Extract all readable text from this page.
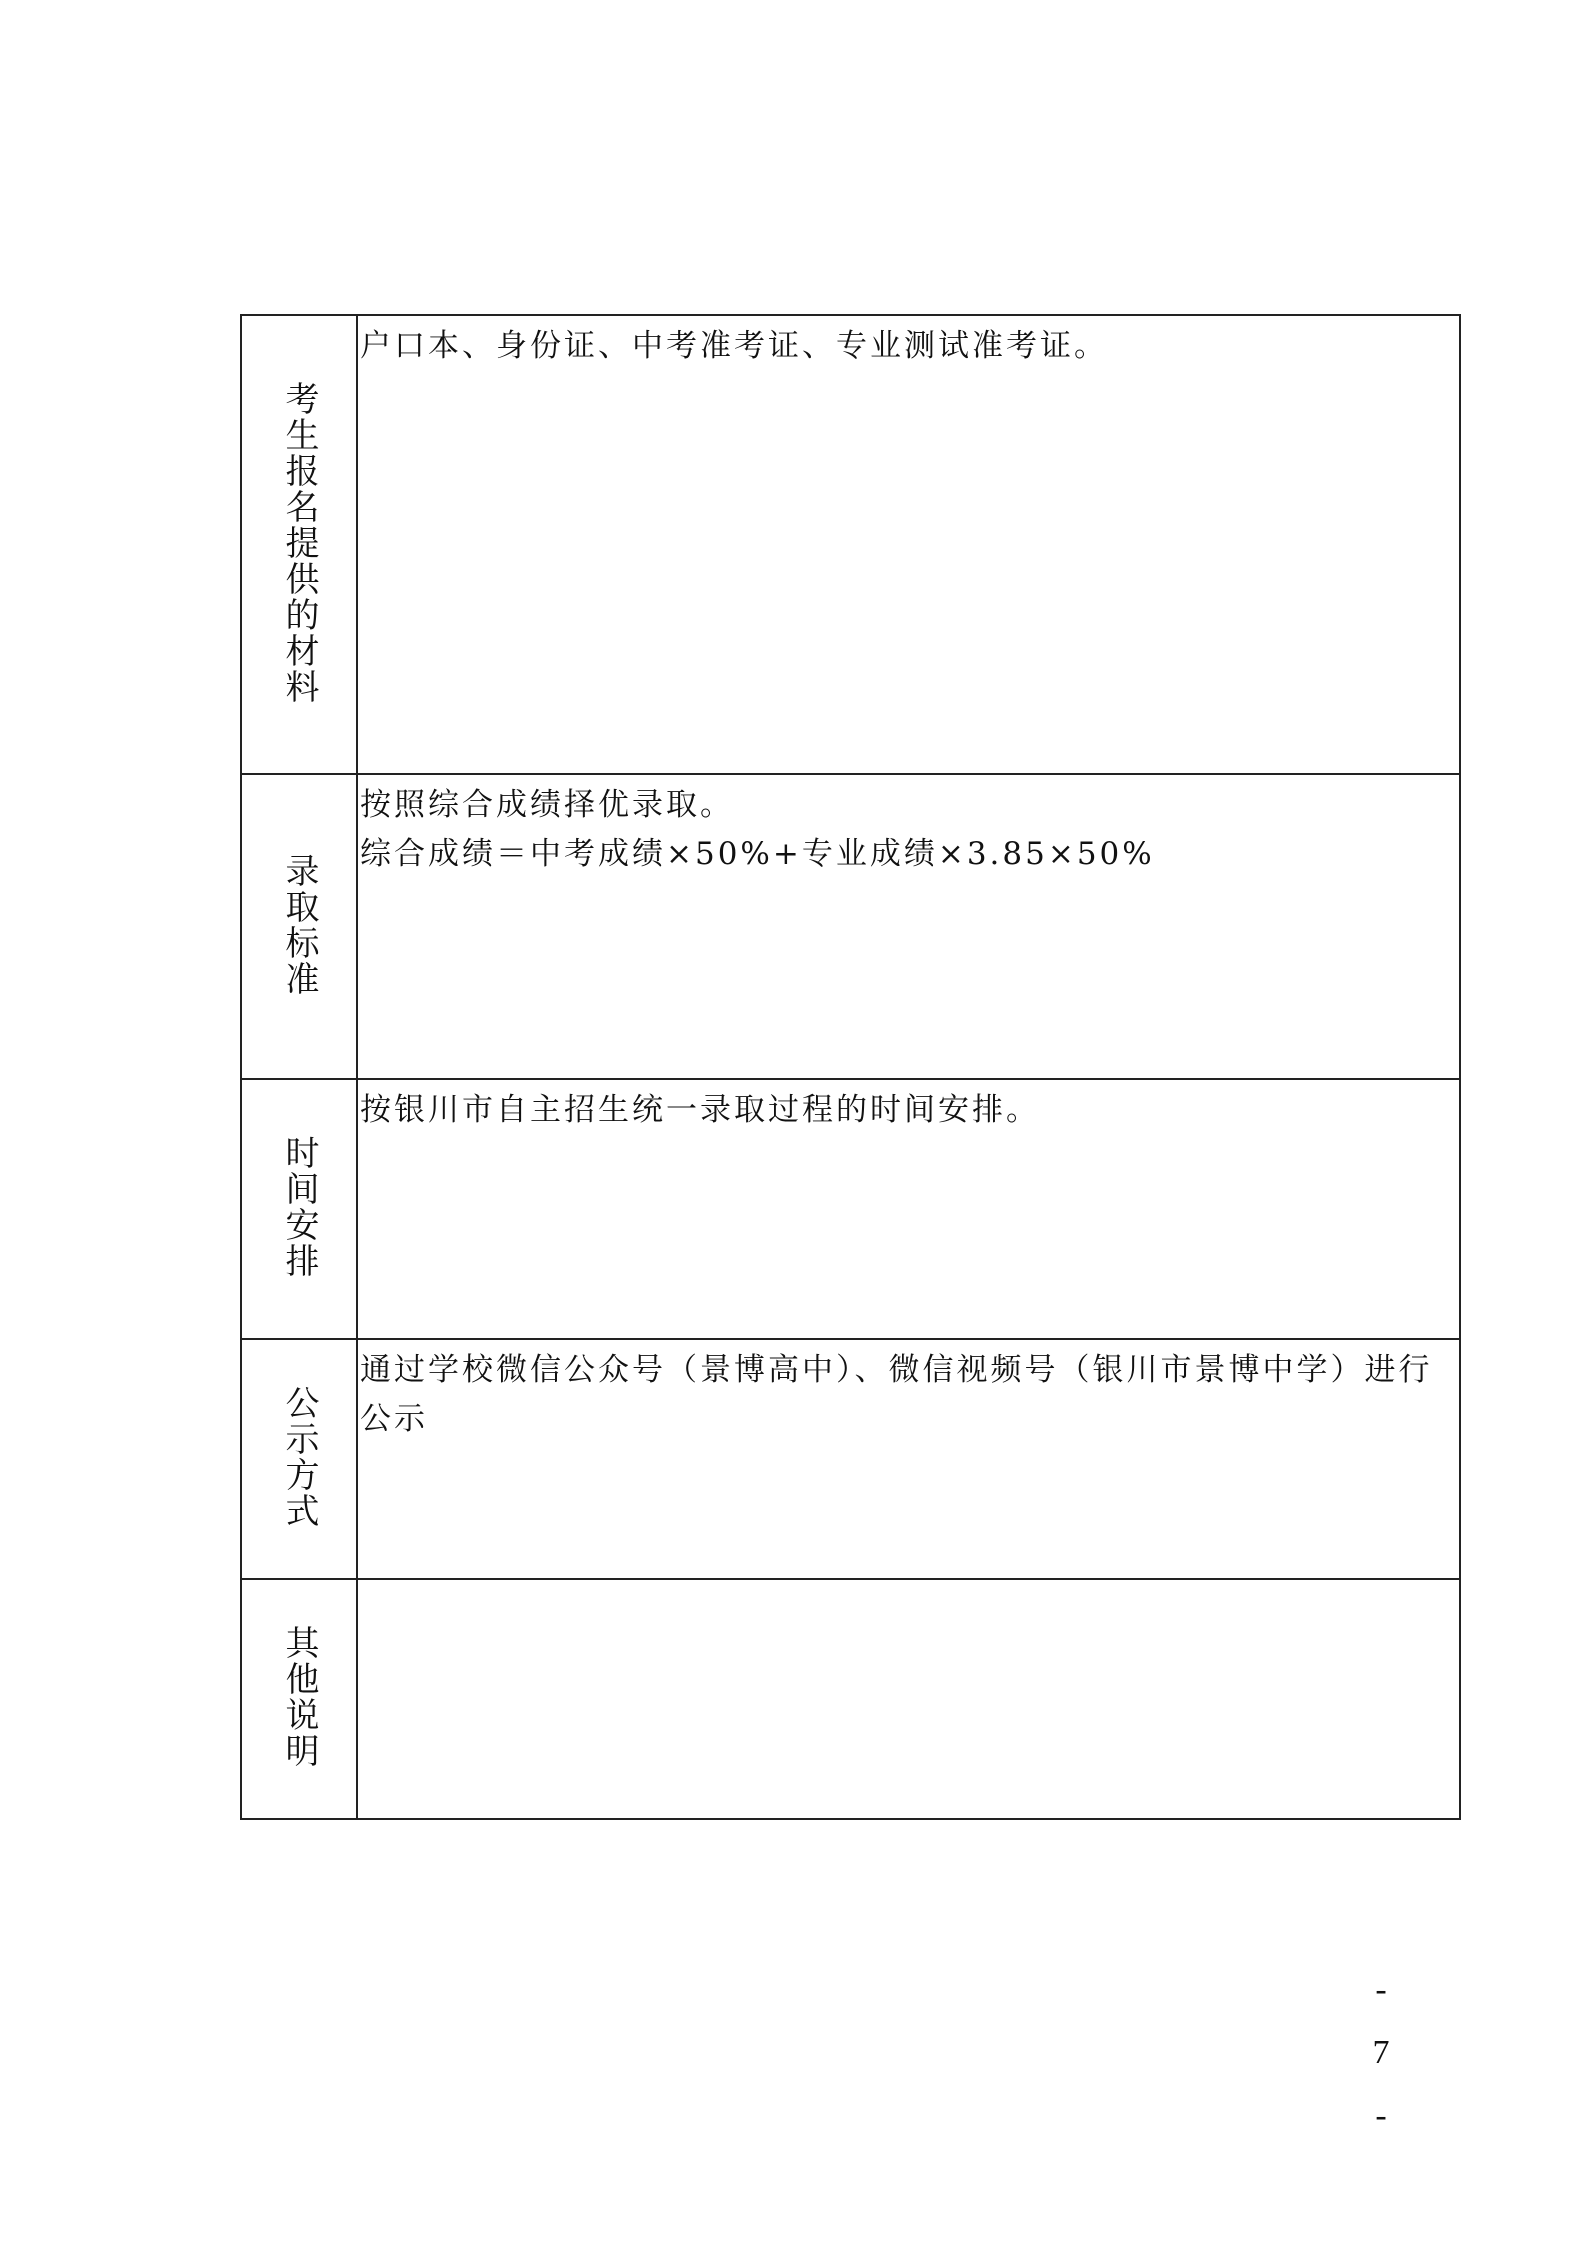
考生报名提供的材料	户口本、身份证、中考准考证、专业测试准考证。

录取标准	按照综合成绩择优录取。
综合成绩＝中考成绩×50%+专业成绩×3.85×50%

时间安排	按银川市自主招生统一录取过程的时间安排。

公示方式	通过学校微信公众号（景博高中）、微信视频号（银川市景博中学）进行公示

其他说明	
-
7
-
